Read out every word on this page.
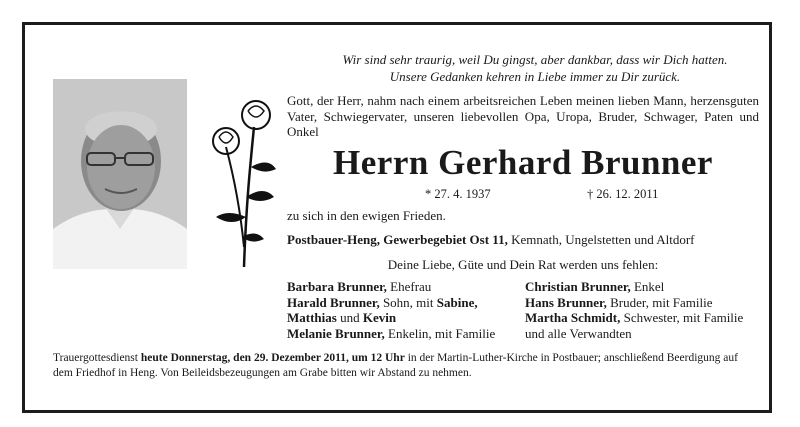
Wir sind sehr traurig, weil Du gingst, aber dankbar, dass wir Dich hatten.
Unsere Gedanken kehren in Liebe immer zu Dir zurück.
Gott, der Herr, nahm nach einem arbeitsreichen Leben meinen lieben Mann, herzensguten Vater, Schwiegervater, unseren liebevollen Opa, Uropa, Bruder, Schwager, Paten und Onkel
Herrn Gerhard Brunner
* 27. 4. 1937	† 26. 12. 2011
zu sich in den ewigen Frieden.
Postbauer-Heng, Gewerbegebiet Ost 11, Kemnath, Ungelstetten und Altdorf
Deine Liebe, Güte und Dein Rat werden uns fehlen:
Barbara Brunner, Ehefrau
Harald Brunner, Sohn, mit Sabine,
Matthias und Kevin
Melanie Brunner, Enkelin, mit Familie
Christian Brunner, Enkel
Hans Brunner, Bruder, mit Familie
Martha Schmidt, Schwester, mit Familie
und alle Verwandten
Trauergottesdienst heute Donnerstag, den 29. Dezember 2011, um 12 Uhr in der Martin-Luther-Kirche in Postbauer; anschließend Beerdigung auf dem Friedhof in Heng. Von Beileidsbezeugungen am Grabe bitten wir Abstand zu nehmen.
